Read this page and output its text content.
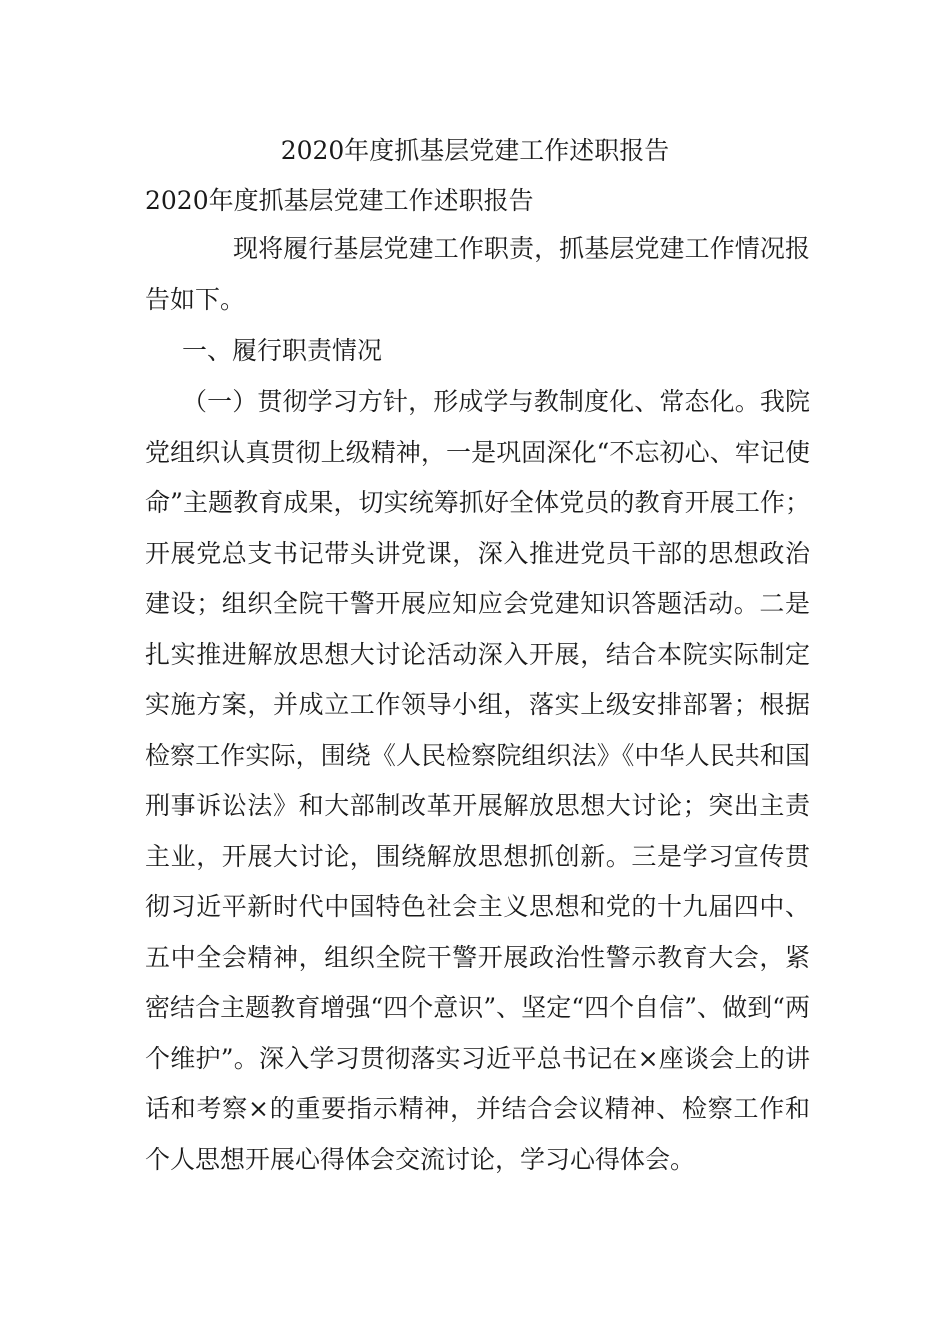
2020年度抓基层党建工作述职报告
2020年度抓基层党建工作述职报告

现将履行基层党建工作职责，抓基层党建工作情况报告如下。

一、履行职责情况

（一）贯彻学习方针，形成学与教制度化、常态化。我院党组织认真贯彻上级精神，一是巩固深化“不忘初心、牢记使命”主题教育成果，切实统筹抓好全体党员的教育开展工作；开展党总支书记带头讲党课，深入推进党员干部的思想政治建设；组织全院干警开展应知应会党建知识答题活动。二是扎实推进解放思想大讨论活动深入开展，结合本院实际制定实施方案，并成立工作领导小组，落实上级安排部署；根据检察工作实际，围绕《人民检察院组织法》《中华人民共和国刑事诉讼法》和大部制改革开展解放思想大讨论；突出主责主业，开展大讨论，围绕解放思想抓创新。三是学习宣传贯彻习近平新时代中国特色社会主义思想和党的十九届四中、五中全会精神，组织全院干警开展政治性警示教育大会，紧密结合主题教育增强“四个意识”、坚定“四个自信”、做到“两个维护”。深入学习贯彻落实习近平总书记在×座谈会上的讲话和考察×的重要指示精神，并结合会议精神、检察工作和个人思想开展心得体会交流讨论，学习心得体会。
